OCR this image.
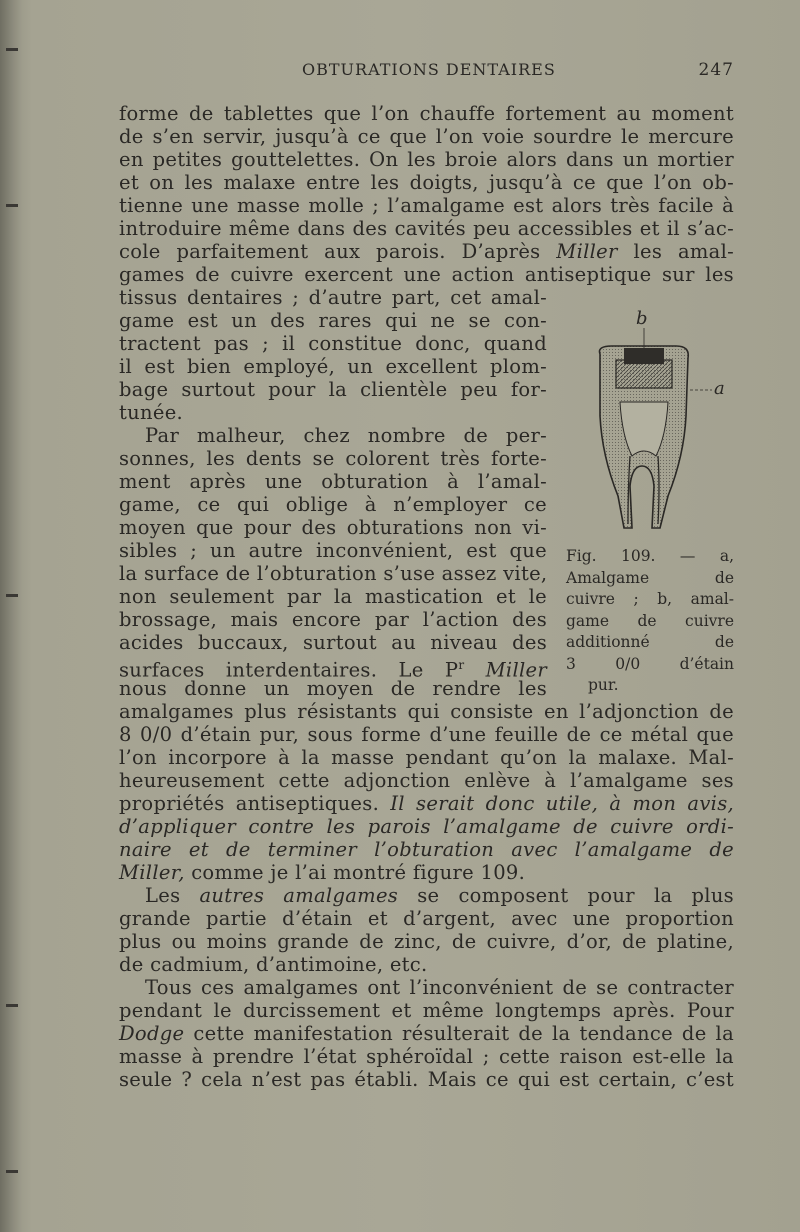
OBTURATIONS DENTAIRES	247
forme de tablettes que l’on chauffe fortement au moment
de s’en servir, jusqu’à ce que l’on voie sourdre le mercure
en petites gouttelettes. On les broie alors dans un mortier
et on les malaxe entre les doigts, jusqu’à ce que l’on ob-
tienne une masse molle ; l’amalgame est alors très facile à
introduire même dans des cavités peu accessibles et il s’ac-
cole parfaitement aux parois. D’après Miller les amal-
games de cuivre exercent une action antiseptique sur les
tissus dentaires ; d’autre part, cet amal-
game est un des rares qui ne se con-
tractent pas ; il constitue donc, quand
il est bien employé, un excellent plom-
bage surtout pour la clientèle peu for-
tunée.
Par malheur, chez nombre de per-
sonnes, les dents se colorent très forte-
ment après une obturation à l’amal-
game, ce qui oblige à n’employer ce
moyen que pour des obturations non vi-
sibles ; un autre inconvénient, est que
la surface de l’obturation s’use assez vite,
non seulement par la mastication et le
brossage, mais encore par l’action des
acides buccaux, surtout au niveau des
surfaces interdentaires. Le $P^r$ Miller
nous donne un moyen de rendre les
amalgames plus résistants qui consiste en l’adjonction de
8 0/0 d’étain pur, sous forme d’une feuille de ce métal que
l’on incorpore à la masse pendant qu’on la malaxe. Mal-
heureusement cette adjonction enlève à l’amalgame ses
propriétés antiseptiques. Il serait donc utile, à mon avis,
d’appliquer contre les parois l’amalgame de cuivre ordi-
naire et de terminer l’obturation avec l’amalgame de
Miller, comme je l’ai montré figure 109.
Les autres amalgames se composent pour la plus
grande partie d’étain et d’argent, avec une proportion
plus ou moins grande de zinc, de cuivre, d’or, de platine,
de cadmium, d’antimoine, etc.
Tous ces amalgames ont l’inconvénient de se contracter
pendant le durcissement et même longtemps après. Pour
Dodge cette manifestation résulterait de la tendance de la
masse à prendre l’état sphéroïdal ; cette raison est-elle la
seule ? cela n’est pas établi. Mais ce qui est certain, c’est
b
a
Fig. 109. — a,
Amalgame de
cuivre ; b, amal-
game de cuivre
additionné de
3 0/0 d’étain
pur.
